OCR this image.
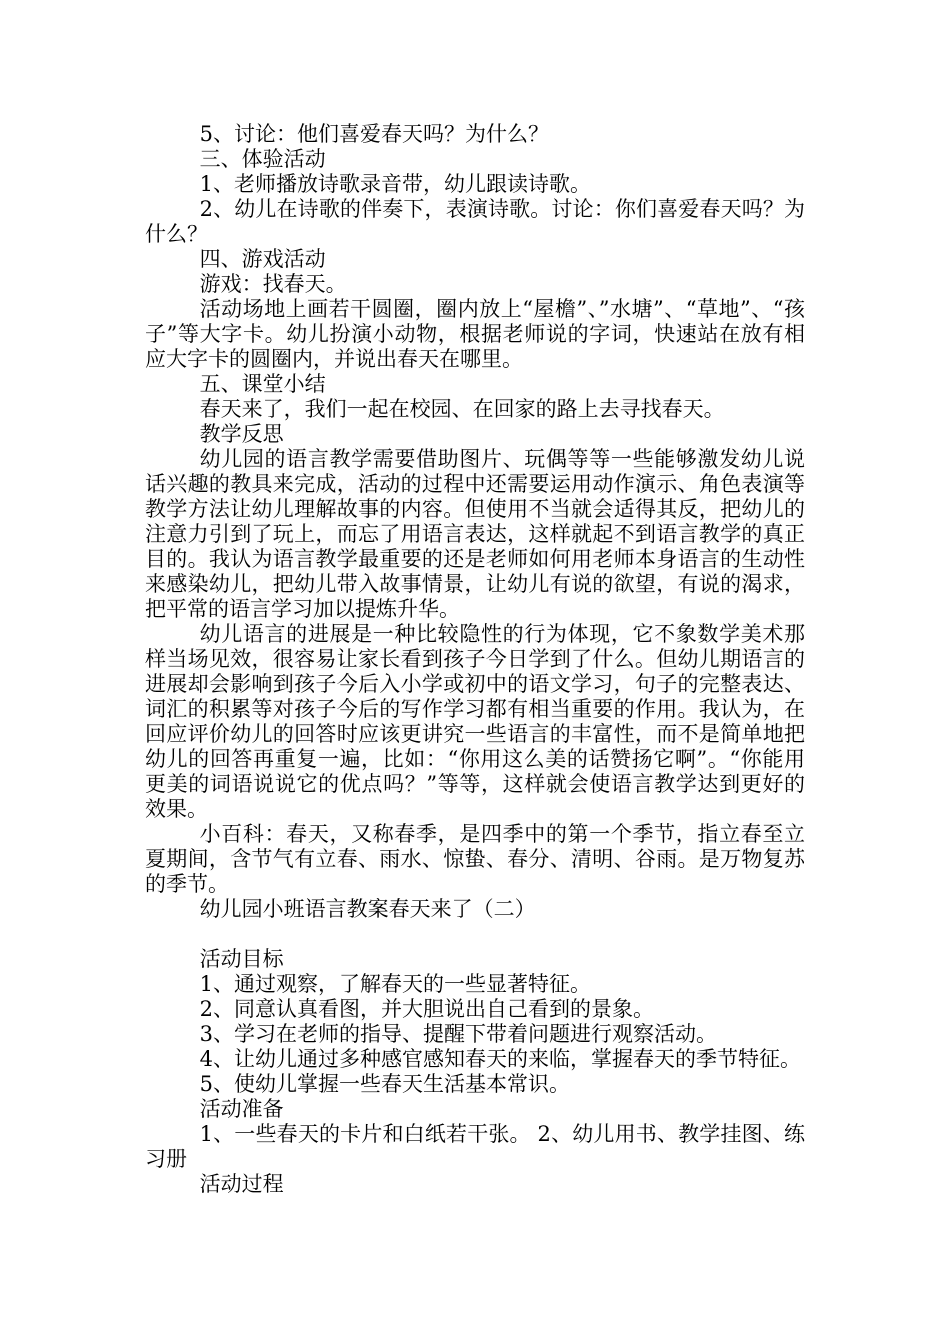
5、讨论：他们喜爱春天吗？为什么？

三、体验活动

1、老师播放诗歌录音带，幼儿跟读诗歌。

2、幼儿在诗歌的伴奏下，表演诗歌。讨论：你们喜爱春天吗？为什么？

四、游戏活动

游戏：找春天。

活动场地上画若干圆圈，圈内放上“屋檐”、”水塘”、“草地”、“孩子”等大字卡。幼儿扮演小动物，根据老师说的字词，快速站在放有相应大字卡的圆圈内，并说出春天在哪里。

五、课堂小结

春天来了，我们一起在校园、在回家的路上去寻找春天。

教学反思

幼儿园的语言教学需要借助图片、玩偶等等一些能够激发幼儿说话兴趣的教具来完成，活动的过程中还需要运用动作演示、角色表演等教学方法让幼儿理解故事的内容。但使用不当就会适得其反，把幼儿的注意力引到了玩上，而忘了用语言表达，这样就起不到语言教学的真正目的。我认为语言教学最重要的还是老师如何用老师本身语言的生动性来感染幼儿，把幼儿带入故事情景，让幼儿有说的欲望，有说的渴求，把平常的语言学习加以提炼升华。

幼儿语言的进展是一种比较隐性的行为体现，它不象数学美术那样当场见效，很容易让家长看到孩子今日学到了什么。但幼儿期语言的进展却会影响到孩子今后入小学或初中的语文学习，句子的完整表达、词汇的积累等对孩子今后的写作学习都有相当重要的作用。我认为，在回应评价幼儿的回答时应该更讲究一些语言的丰富性，而不是简单地把幼儿的回答再重复一遍，比如：“你用这么美的话赞扬它啊”。“你能用更美的词语说说它的优点吗？”等等，这样就会使语言教学达到更好的效果。

小百科：春天，又称春季，是四季中的第一个季节，指立春至立夏期间，含节气有立春、雨水、惊蛰、春分、清明、谷雨。是万物复苏的季节。

幼儿园小班语言教案春天来了（二）

活动目标

1、通过观察，了解春天的一些显著特征。

2、同意认真看图，并大胆说出自己看到的景象。

3、学习在老师的指导、提醒下带着问题进行观察活动。

4、让幼儿通过多种感官感知春天的来临，掌握春天的季节特征。

5、使幼儿掌握一些春天生活基本常识。

活动准备

1、一些春天的卡片和白纸若干张。 2、幼儿用书、教学挂图、练习册

活动过程
